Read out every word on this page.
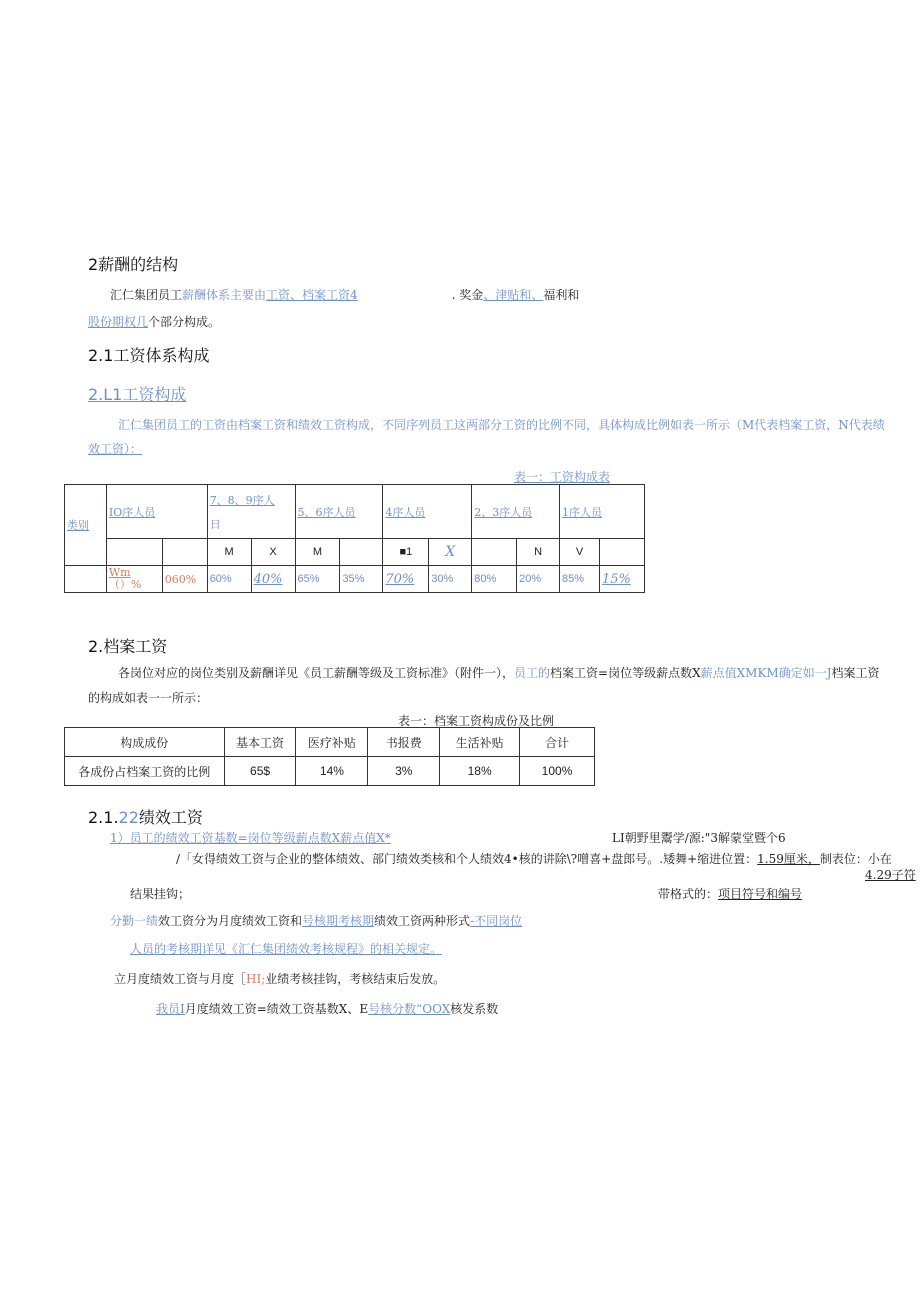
2薪酬的结构
汇仁集团员工薪酬体系主要由工资、档案工资4	. 奖金、津贴和、福利和
股份期权几个部分构成。
2.1工资体系构成
2.L1工资构成
汇仁集团员工的工资由档案工资和绩效工资构成，不同序列员工这两部分工资的比例不同，具体构成比例如表一所示（M代表档案工资，N代表绩
效工资）：
表一：工资构成表
类别	IO序人员		7、8、9序人
日		5、6序人员		4序人员		2、3序人员		1序人员	
			M	X	M		■1	X		N	V	

	Wm
（）%	060%	60%	40%	65%	35%	70%	30%	80%	20%	85%	15%
2.档案工资
各岗位对应的岗位类别及薪酬详见《员工薪酬等级及工资标准》（附件一），员工的档案工资=岗位等级薪点数X薪点值XMKM确定如一J档案工资
的构成如表一一所示：
表一：档案工资构成份及比例
构成成份	基本工资	医疗补贴	书报费	生活补贴	合计
各成份占档案工资的比例	65$	14%	3%	18%	100%
2.1.22绩效工资
1）员工的绩效工资基数=岗位等级薪点数X薪点值X*	LI朝野里鬻学/源:"3解蒙堂暨个6
/「女得绩效工资与企业的整体绩效、部门绩效类核和个人绩效4•核的讲除\?噌喜+盘郎号。.矮舞+缩进位置：1.59厘米，制表位：小在
4.29子符
结果挂钩；	带格式的：项目符号和编号
分勤一绩效工资分为月度绩效工资和号核期考核期绩效工资两种形式-不同岗位
人员的考核期详见《汇仁集团绩效考核规程》的相关规定。
立月度绩效工资与月度［HI;业绩考核挂钩，考核结束后发放。
我员I月度绩效工资=绩效工资基数X、E号核分数“OOX核发系数
